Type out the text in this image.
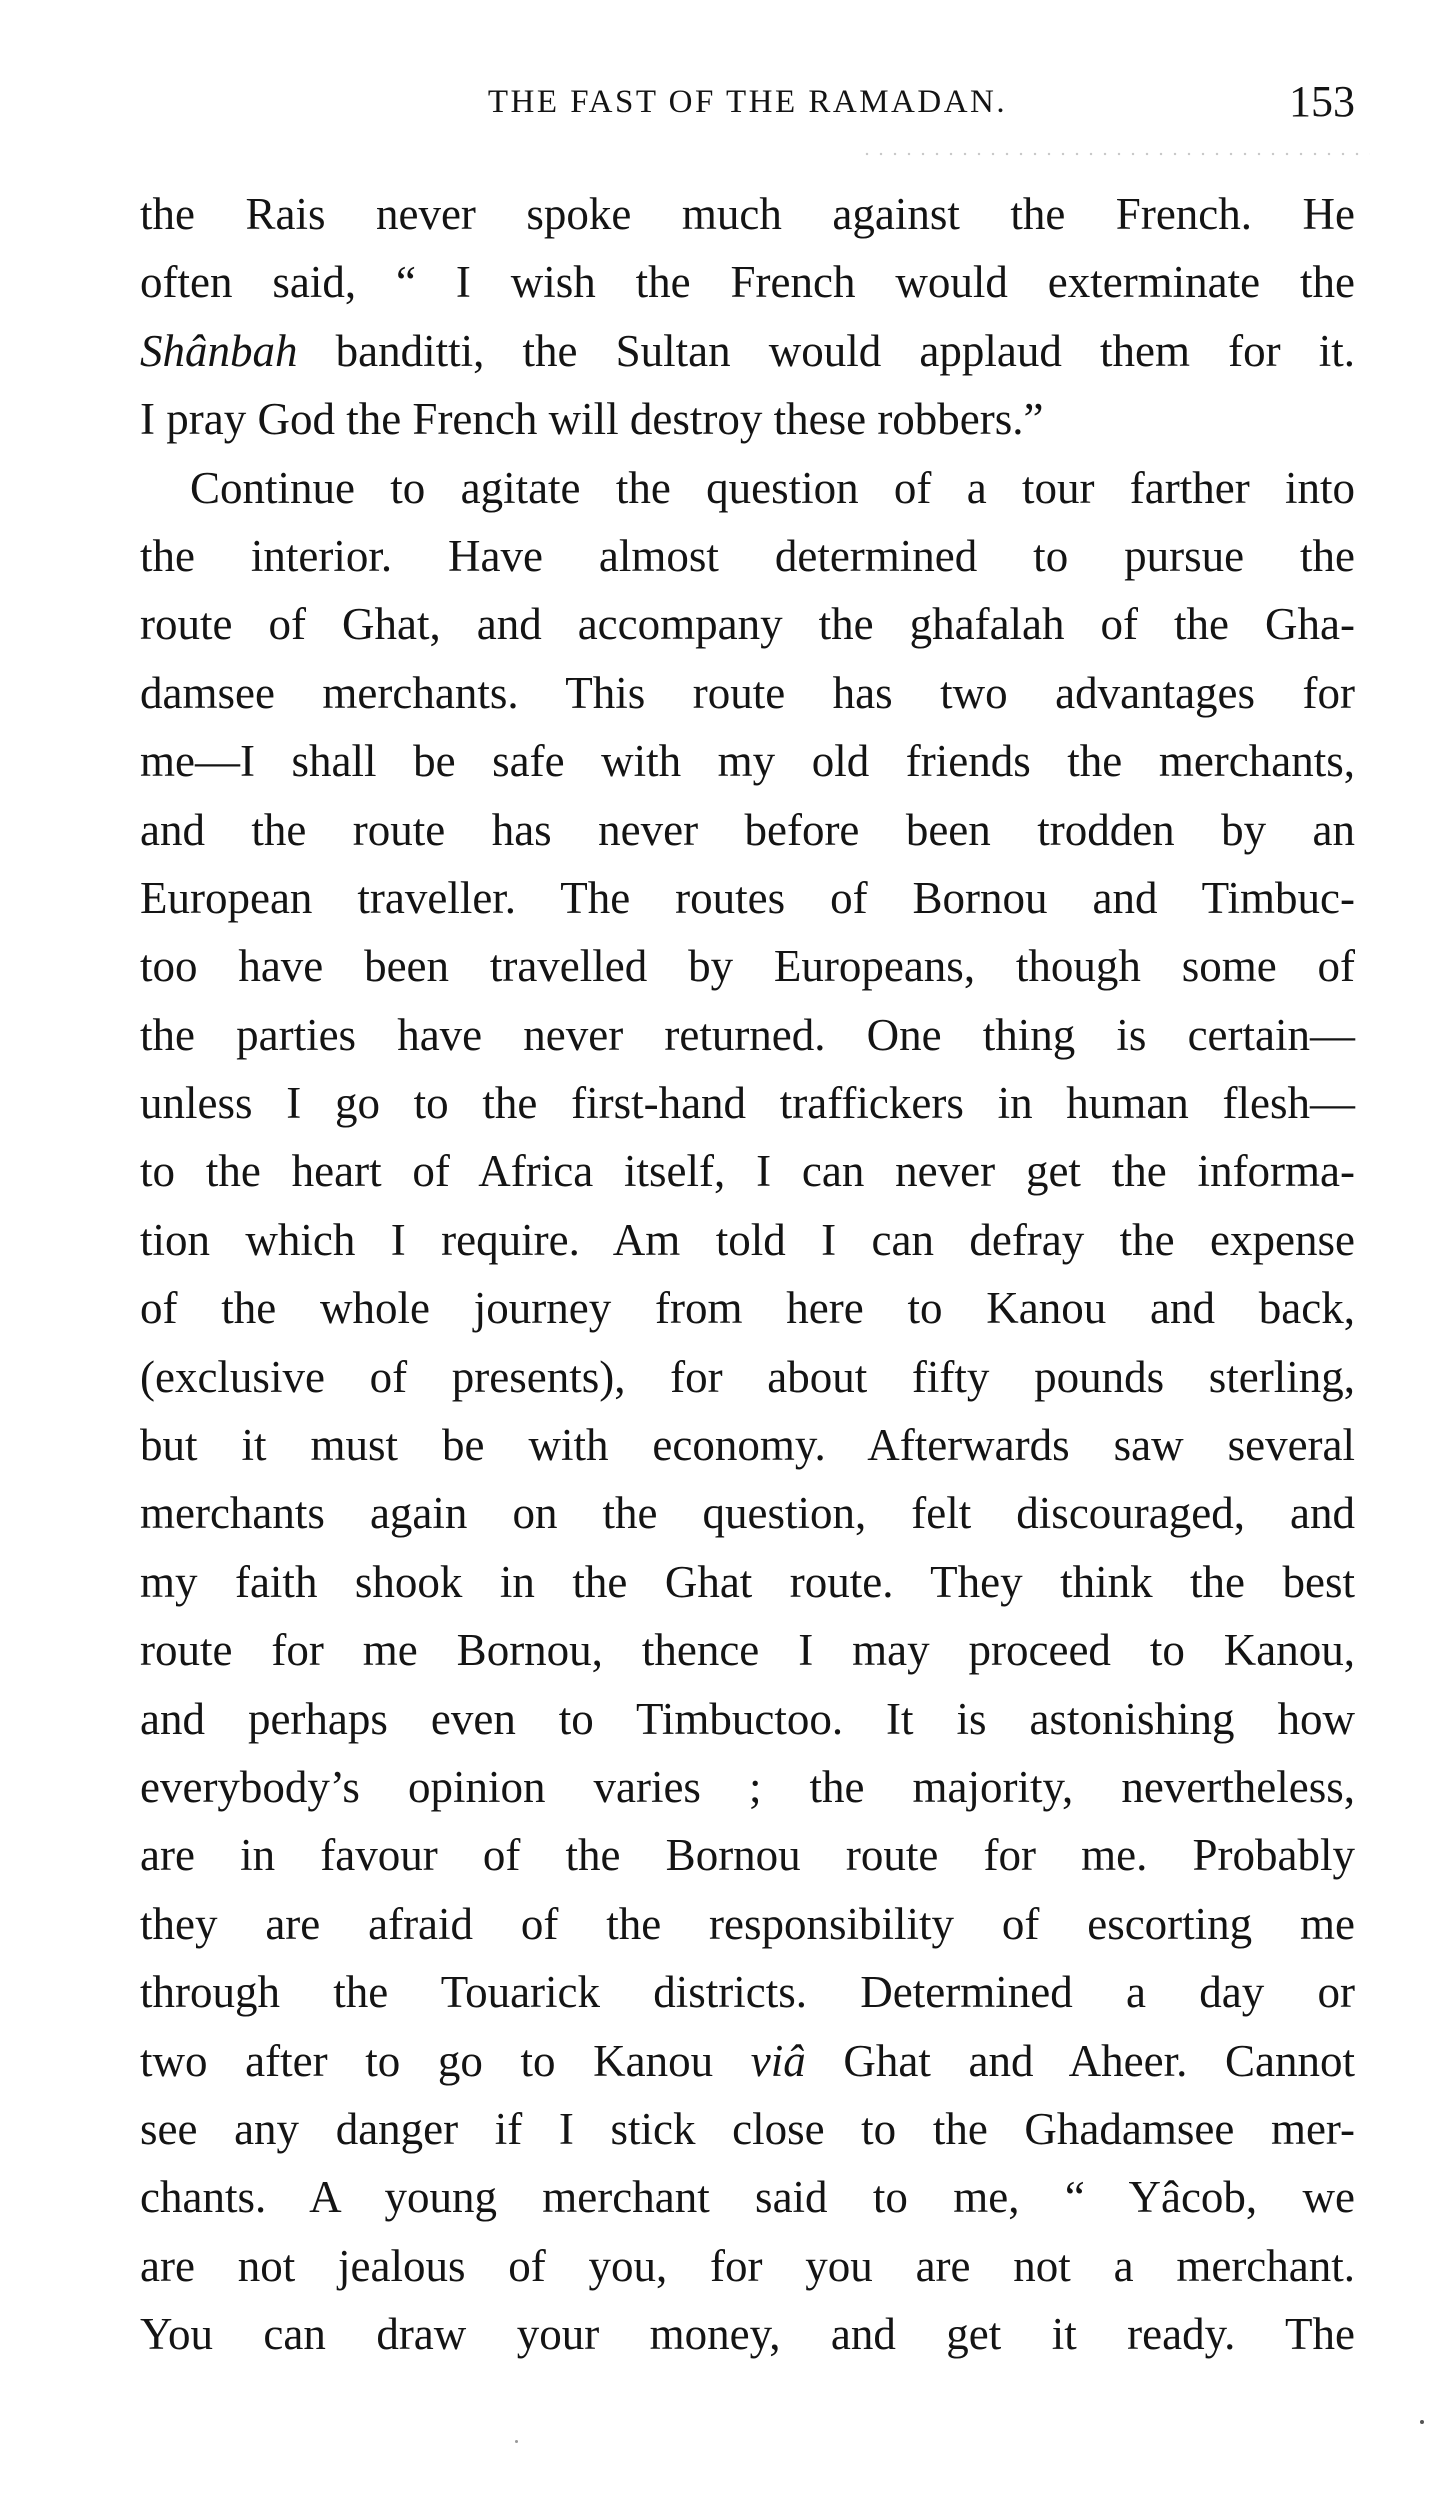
THE FAST OF THE RAMADAN.	153
the Rais never spoke much against the French. He
often said, “ I wish the French would exterminate the
Shânbah banditti, the Sultan would applaud them for it.
I pray God the French will destroy these robbers.”
Continue to agitate the question of a tour farther into
the interior. Have almost determined to pursue the
route of Ghat, and accompany the ghafalah of the Gha-
damsee merchants. This route has two advantages for
me—I shall be safe with my old friends the merchants,
and the route has never before been trodden by an
European traveller. The routes of Bornou and Timbuc-
too have been travelled by Europeans, though some of
the parties have never returned. One thing is certain—
unless I go to the first-hand traffickers in human flesh—
to the heart of Africa itself, I can never get the informa-
tion which I require. Am told I can defray the expense
of the whole journey from here to Kanou and back,
(exclusive of presents), for about fifty pounds sterling,
but it must be with economy. Afterwards saw several
merchants again on the question, felt discouraged, and
my faith shook in the Ghat route. They think the best
route for me Bornou, thence I may proceed to Kanou,
and perhaps even to Timbuctoo. It is astonishing how
everybody’s opinion varies ; the majority, nevertheless,
are in favour of the Bornou route for me. Probably
they are afraid of the responsibility of escorting me
through the Touarick districts. Determined a day or
two after to go to Kanou viâ Ghat and Aheer. Cannot
see any danger if I stick close to the Ghadamsee mer-
chants. A young merchant said to me, “ Yâcob, we
are not jealous of you, for you are not a merchant.
You can draw your money, and get it ready. The
